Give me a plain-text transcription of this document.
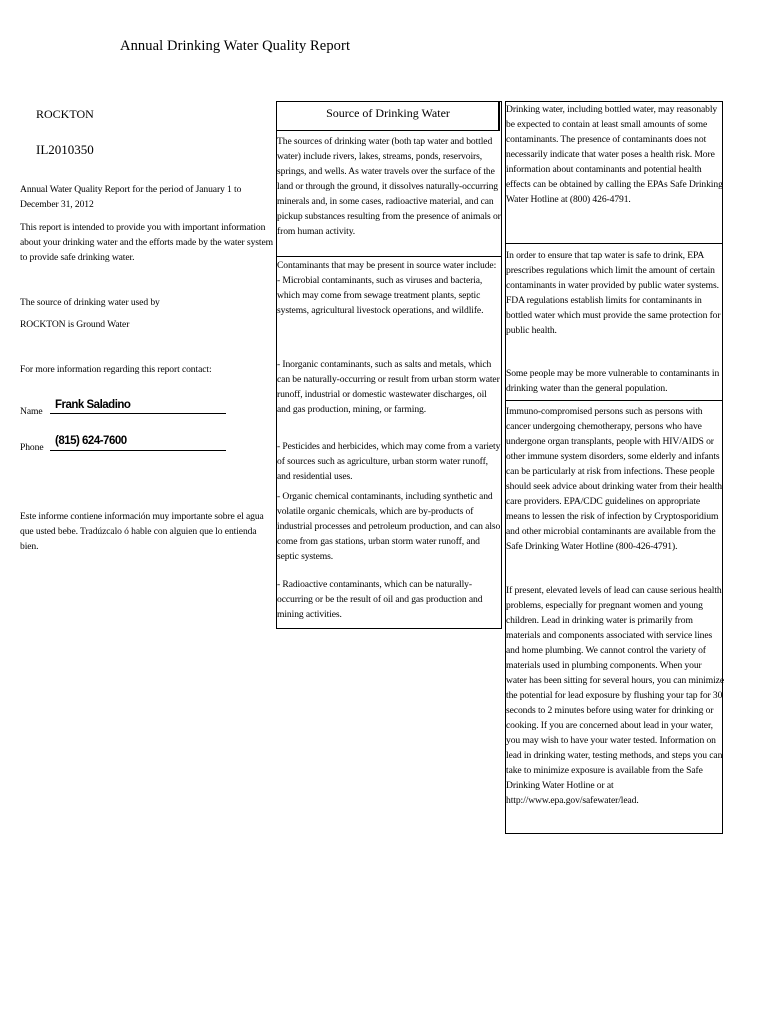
Annual Drinking Water Quality Report
ROCKTON
IL2010350
Annual Water Quality Report for the period of January 1 to December 31, 2012
This report is intended to provide you with important information about your drinking water and the efforts made by the water system to provide safe drinking water.
The source of drinking water used by
ROCKTON is Ground Water
For more information regarding this report contact:
Name
Frank Saladino
Phone
(815) 624-7600
Este informe contiene información muy importante sobre el agua que usted bebe. Tradúzcalo ó hable con alguien que lo entienda bien.
Source of Drinking Water
The sources of drinking water (both tap water and bottled water) include rivers, lakes, streams, ponds, reservoirs, springs, and wells. As water travels over the surface of the land or through the ground, it dissolves naturally-occurring minerals and, in some cases, radioactive material, and can pickup substances resulting from the presence of animals or from human activity.
Contaminants that may be present in source water include:
- Microbial contaminants, such as viruses and bacteria, which may come from sewage treatment plants, septic systems, agricultural livestock operations, and wildlife.
- Inorganic contaminants, such as salts and metals, which can be naturally-occurring or result from urban storm water runoff, industrial or domestic wastewater discharges, oil and gas production, mining, or farming.
- Pesticides and herbicides, which may come from a variety of sources such as agriculture, urban storm water runoff, and residential uses.
- Organic chemical contaminants, including synthetic and volatile organic chemicals, which are by-products of industrial processes and petroleum production, and can also come from gas stations, urban storm water runoff, and septic systems.
- Radioactive contaminants, which can be naturally-occurring or be the result of oil and gas production and mining activities.
Drinking water, including bottled water, may reasonably be expected to contain at least small amounts of some contaminants. The presence of contaminants does not necessarily indicate that water poses a health risk. More information about contaminants and potential health effects can be obtained by calling the EPAs Safe Drinking Water Hotline at (800) 426-4791.
In order to ensure that tap water is safe to drink, EPA prescribes regulations which limit the amount of certain contaminants in water provided by public water systems. FDA regulations establish limits for contaminants in bottled water which must provide the same protection for public health.
Some people may be more vulnerable to contaminants in drinking water than the general population.
Immuno-compromised persons such as persons with cancer undergoing chemotherapy, persons who have undergone organ transplants, people with HIV/AIDS or other immune system disorders, some elderly and infants can be particularly at risk from infections. These people should seek advice about drinking water from their health care providers. EPA/CDC guidelines on appropriate means to lessen the risk of infection by Cryptosporidium and other microbial contaminants are available from the Safe Drinking Water Hotline (800-426-4791).
If present, elevated levels of lead can cause serious health problems, especially for pregnant women and young children. Lead in drinking water is primarily from materials and components associated with service lines and home plumbing. We cannot control the variety of materials used in plumbing components. When your water has been sitting for several hours, you can minimize the potential for lead exposure by flushing your tap for 30 seconds to 2 minutes before using water for drinking or cooking. If you are concerned about lead in your water, you may wish to have your water tested. Information on lead in drinking water, testing methods, and steps you can take to minimize exposure is available from the Safe Drinking Water Hotline or at http://www.epa.gov/safewater/lead.
